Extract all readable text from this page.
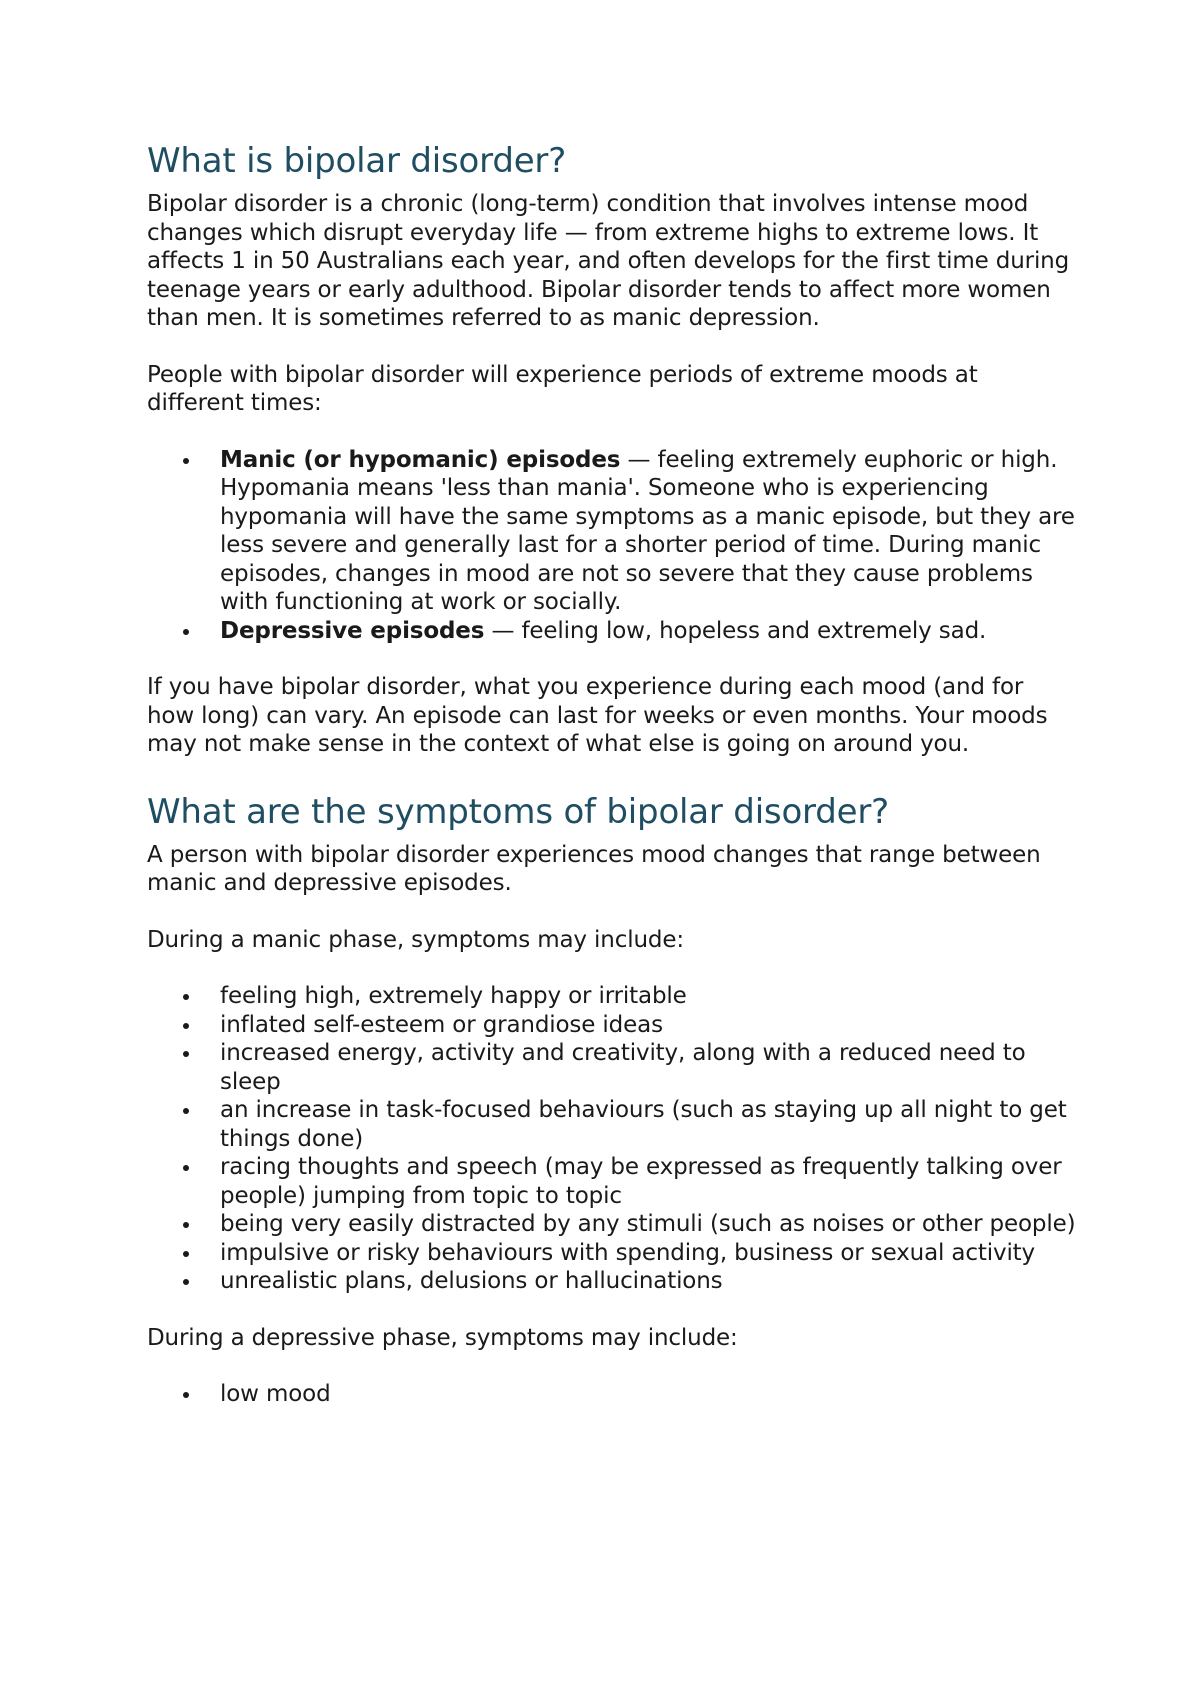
What is bipolar disorder?

Bipolar disorder is a chronic (long-term) condition that involves intense mood changes which disrupt everyday life — from extreme highs to extreme lows. It affects 1 in 50 Australians each year, and often develops for the first time during teenage years or early adulthood. Bipolar disorder tends to affect more women than men. It is sometimes referred to as manic depression.

People with bipolar disorder will experience periods of extreme moods at different times:

Manic (or hypomanic) episodes — feeling extremely euphoric or high. Hypomania means 'less than mania'. Someone who is experiencing hypomania will have the same symptoms as a manic episode, but they are less severe and generally last for a shorter period of time. During manic episodes, changes in mood are not so severe that they cause problems with functioning at work or socially.
Depressive episodes — feeling low, hopeless and extremely sad.

If you have bipolar disorder, what you experience during each mood (and for how long) can vary. An episode can last for weeks or even months. Your moods may not make sense in the context of what else is going on around you.

What are the symptoms of bipolar disorder?

A person with bipolar disorder experiences mood changes that range between manic and depressive episodes.

During a manic phase, symptoms may include:

feeling high, extremely happy or irritable
inflated self-esteem or grandiose ideas
increased energy, activity and creativity, along with a reduced need to sleep
an increase in task-focused behaviours (such as staying up all night to get things done)
racing thoughts and speech (may be expressed as frequently talking over people) jumping from topic to topic
being very easily distracted by any stimuli (such as noises or other people)
impulsive or risky behaviours with spending, business or sexual activity
unrealistic plans, delusions or hallucinations

During a depressive phase, symptoms may include:

low mood
